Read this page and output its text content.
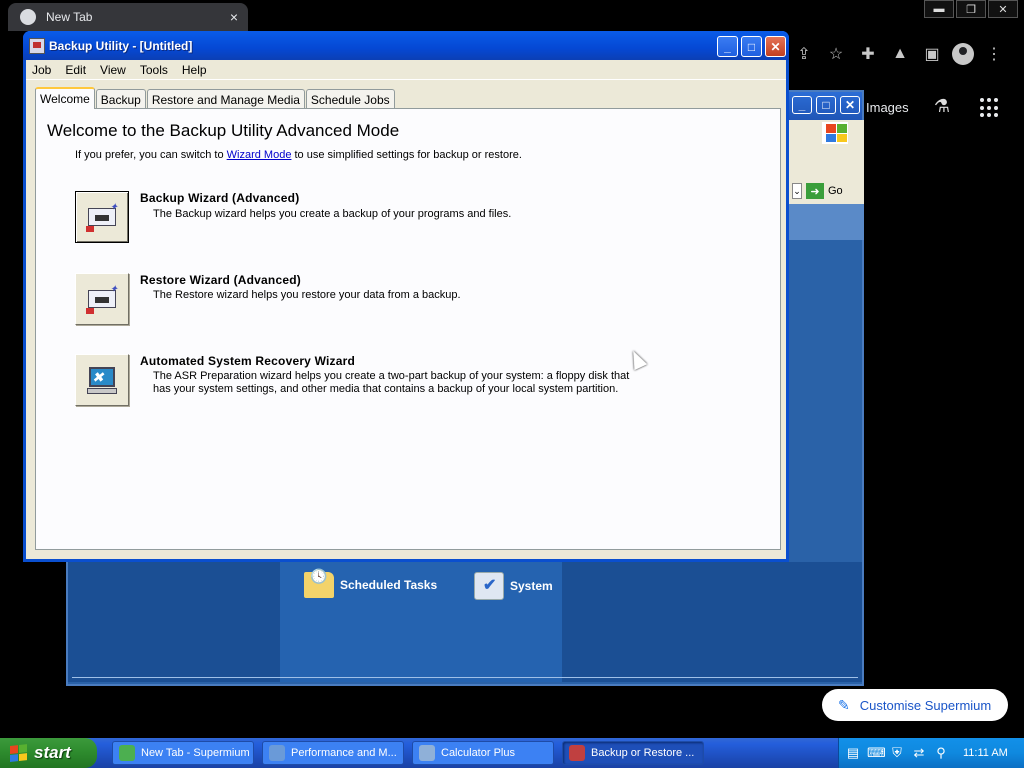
New Tab	×	▬	❐	✕
⇪	☆	✚	▲ ▣	⋮
Images ⚗
_	□	✕
⌄ ➜ Go
🕓
Scheduled Tasks
✔	System
Backup Utility - [Untitled]	_	□	✕
Job	Edit	View	Tools	Help
Welcome Backup Restore and Manage Media Schedule Jobs
Welcome to the Backup Utility Advanced Mode
If you prefer, you can switch to Wizard Mode to use simplified settings for backup or restore.
✦
Backup Wizard (Advanced)
The Backup wizard helps you create a backup of your programs and files.
✦
Restore Wizard (Advanced)
The Restore wizard helps you restore your data from a backup.
✖
Automated System Recovery Wizard
The ASR Preparation wizard helps you create a two-part backup of your system: a floppy disk that has your system settings, and other media that contains a backup of your local system partition.
✎ Customise Supermium
start	New Tab - Supermium	Performance and M...	Calculator Plus	Backup or Restore ...	▤ ⌨ ⛨ ⇄ ⚲ 11:11 AM
